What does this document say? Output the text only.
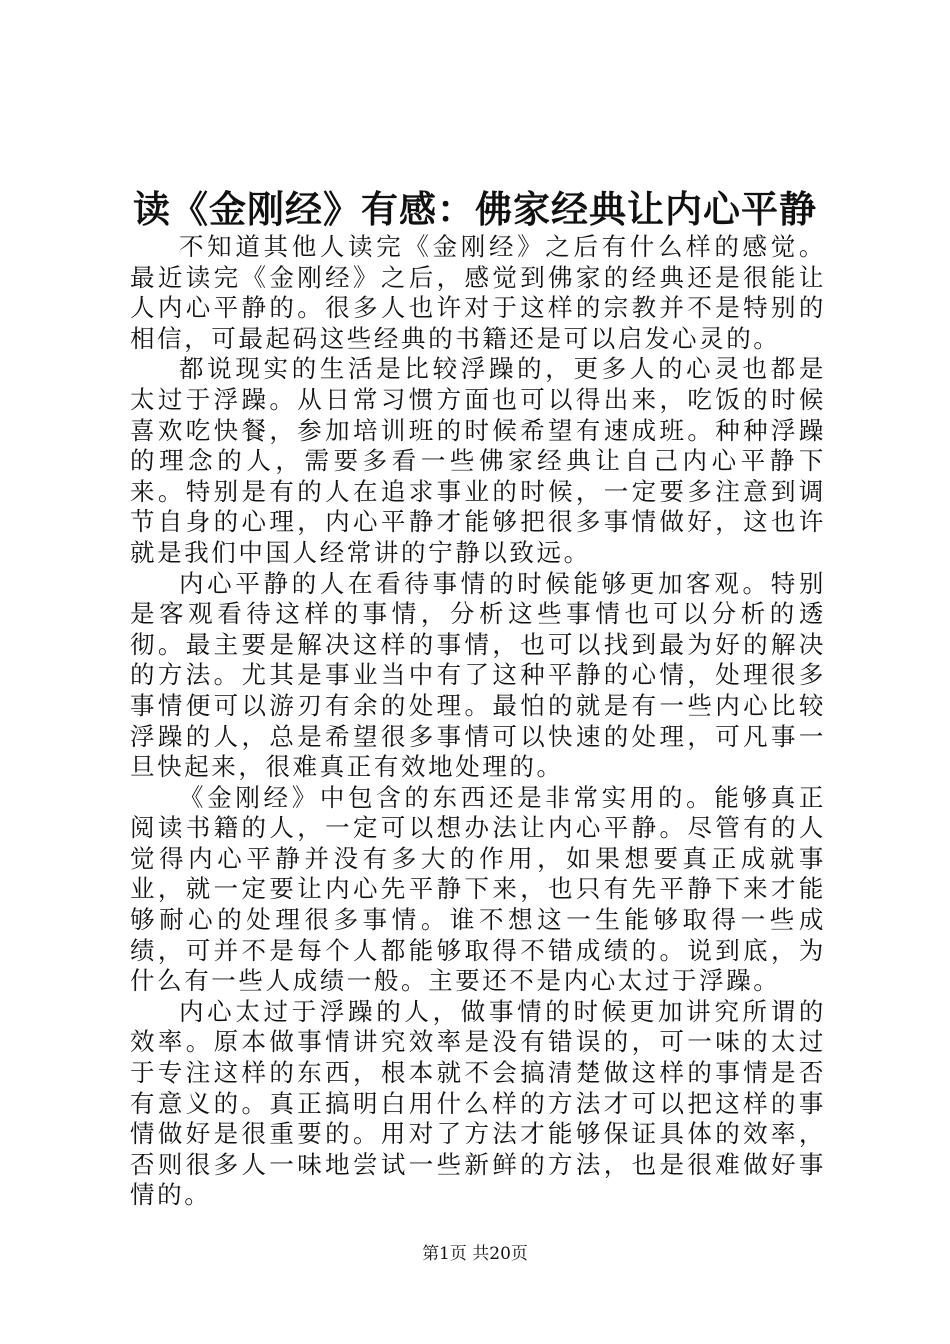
读《金刚经》有感：佛家经典让内心平静

不知道其他人读完《金刚经》之后有什么样的感觉。最近读完《金刚经》之后，感觉到佛家的经典还是很能让人内心平静的。很多人也许对于这样的宗教并不是特别的相信，可最起码这些经典的书籍还是可以启发心灵的。

都说现实的生活是比较浮躁的，更多人的心灵也都是太过于浮躁。从日常习惯方面也可以得出来，吃饭的时候喜欢吃快餐，参加培训班的时候希望有速成班。种种浮躁的理念的人，需要多看一些佛家经典让自己内心平静下来。特别是有的人在追求事业的时候，一定要多注意到调节自身的心理，内心平静才能够把很多事情做好，这也许就是我们中国人经常讲的宁静以致远。

内心平静的人在看待事情的时候能够更加客观。特别是客观看待这样的事情，分析这些事情也可以分析的透彻。最主要是解决这样的事情，也可以找到最为好的解决的方法。尤其是事业当中有了这种平静的心情，处理很多事情便可以游刃有余的处理。最怕的就是有一些内心比较浮躁的人，总是希望很多事情可以快速的处理，可凡事一旦快起来，很难真正有效地处理的。

《金刚经》中包含的东西还是非常实用的。能够真正阅读书籍的人，一定可以想办法让内心平静。尽管有的人觉得内心平静并没有多大的作用，如果想要真正成就事业，就一定要让内心先平静下来，也只有先平静下来才能够耐心的处理很多事情。谁不想这一生能够取得一些成绩，可并不是每个人都能够取得不错成绩的。说到底，为什么有一些人成绩一般。主要还不是内心太过于浮躁。

内心太过于浮躁的人，做事情的时候更加讲究所谓的效率。原本做事情讲究效率是没有错误的，可一味的太过于专注这样的东西，根本就不会搞清楚做这样的事情是否有意义的。真正搞明白用什么样的方法才可以把这样的事情做好是很重要的。用对了方法才能够保证具体的效率，否则很多人一味地尝试一些新鲜的方法，也是很难做好事情的。

第1页 共20页
